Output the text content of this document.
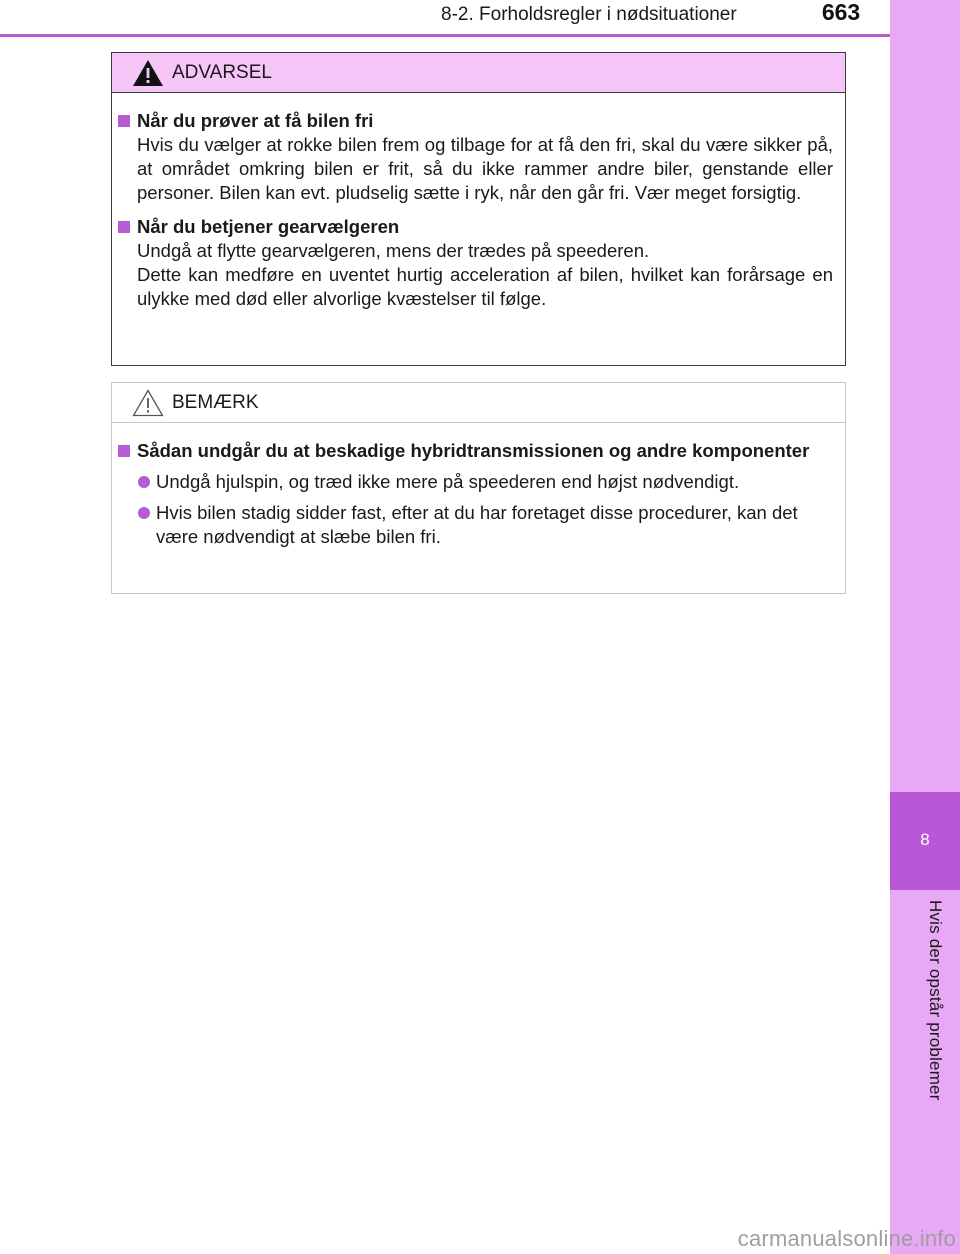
8-2. Forholdsregler i nødsituationer	663
8
Hvis der opstår problemer
ADVARSEL
Når du prøver at få bilen fri
Hvis du vælger at rokke bilen frem og tilbage for at få den fri, skal du være sikker på, at området omkring bilen er frit, så du ikke rammer andre biler, genstande eller personer. Bilen kan evt. pludselig sætte i ryk, når den går fri. Vær meget forsigtig.
Når du betjener gearvælgeren
Undgå at flytte gearvælgeren, mens der trædes på speederen.
Dette kan medføre en uventet hurtig acceleration af bilen, hvilket kan forårsage en ulykke med død eller alvorlige kvæstelser til følge.
BEMÆRK
Sådan undgår du at beskadige hybridtransmissionen og andre komponenter
Undgå hjulspin, og træd ikke mere på speederen end højst nødvendigt.
Hvis bilen stadig sidder fast, efter at du har foretaget disse procedurer, kan det være nødvendigt at slæbe bilen fri.
carmanualsonline.info
